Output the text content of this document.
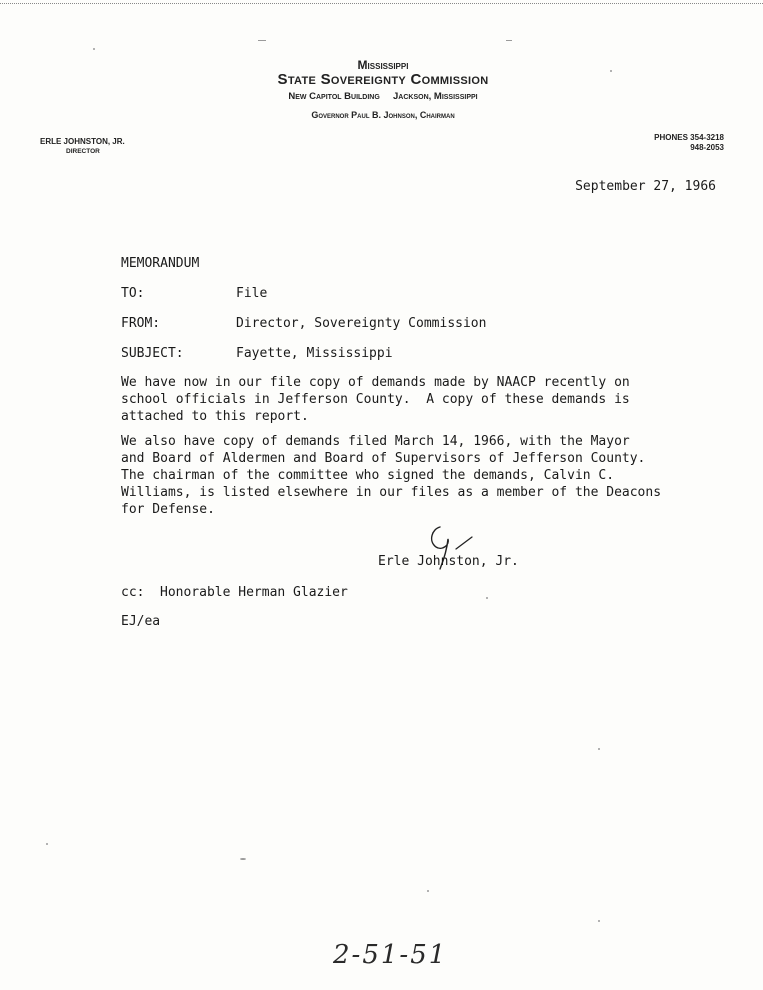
Mississippi
State Sovereignty Commission
New Capitol Building     Jackson, Mississippi
Governor Paul B. Johnson, Chairman
ERLE JOHNSTON, JR.
DIRECTOR
PHONES 354-3218
948-2053
September 27, 1966
MEMORANDUM
TO:	File
FROM:	Director, Sovereignty Commission
SUBJECT:	Fayette, Mississippi
We have now in our file copy of demands made by NAACP recently on
school officials in Jefferson County.  A copy of these demands is
attached to this report.
We also have copy of demands filed March 14, 1966, with the Mayor
and Board of Aldermen and Board of Supervisors of Jefferson County.
The chairman of the committee who signed the demands, Calvin C.
Williams, is listed elsewhere in our files as a member of the Deacons
for Defense.
Erle Johnston, Jr.
cc: Honorable Herman Glazier
EJ/ea
2-51-51
